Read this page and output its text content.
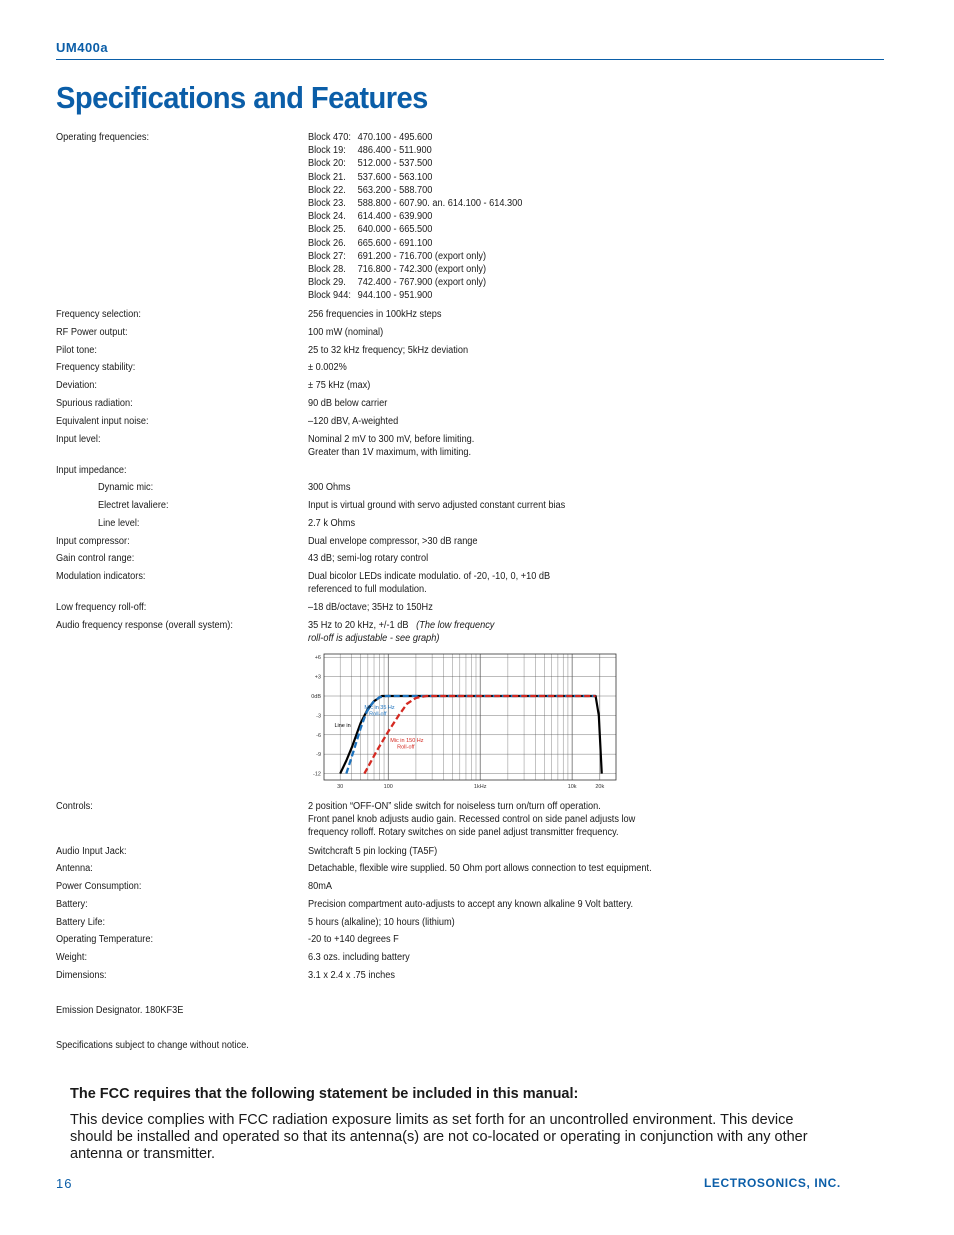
UM400a
Specifications and Features
Operating frequencies:	Block 470: 470.100 - 495.600
Block 19: 486.400 - 511.900
Block 20: 512.000 - 537.500
Block 21. 537.600 - 563.100
Block 22. 563.200 - 588.700
Block 23. 588.800 - 607.90. an. 614.100 - 614.300
Block 24. 614.400 - 639.900
Block 25. 640.000 - 665.500
Block 26. 665.600 - 691.100
Block 27: 691.200 - 716.700 (export only)
Block 28. 716.800 - 742.300 (export only)
Block 29. 742.400 - 767.900 (export only)
Block 944: 944.100 - 951.900
Frequency selection:	256 frequencies in 100kHz steps
RF Power output:	100 mW (nominal)
Pilot tone:	25 to 32 kHz frequency; 5kHz deviation
Frequency stability:	± 0.002%
Deviation:	± 75 kHz (max)
Spurious radiation:	90 dB below carrier
Equivalent input noise:	–120 dBV, A-weighted
Input level:	Nominal 2 mV to 300 mV, before limiting.
Greater than 1V maximum, with limiting.
Input impedance:
Dynamic mic:	300 Ohms
Electret lavaliere:	Input is virtual ground with servo adjusted constant current bias
Line level:	2.7 k Ohms
Input compressor:	Dual envelope compressor, >30 dB range
Gain control range:	43 dB; semi-log rotary control
Modulation indicators:	Dual bicolor LEDs indicate modulatio. of -20, -10, 0, +10 dB
referenced to full modulation.
Low frequency roll-off:	–18 dB/octave; 35Hz to 150Hz
Audio frequency response (overall system):	35 Hz to 20 kHz, +/-1 dB (The low frequency
roll-off is adjustable - see graph)
+6
+3
0dB
-3
-6
-9
-12
30	100	1kHz	10k	20k
Line in
Mic in 35 Hz
Roll-off
Mic in 150 Hz
Roll-off
Controls:	2 position “OFF-ON” slide switch for noiseless turn on/turn off operation.
Front panel knob adjusts audio gain. Recessed control on side panel adjusts low
frequency rolloff. Rotary switches on side panel adjust transmitter frequency.
Audio Input Jack:	Switchcraft 5 pin locking (TA5F)
Antenna:	Detachable, flexible wire supplied. 50 Ohm port allows connection to test equipment.
Power Consumption:	80mA
Battery:	Precision compartment auto-adjusts to accept any known alkaline 9 Volt battery.
Battery Life:	5 hours (alkaline); 10 hours (lithium)
Operating Temperature:	-20 to +140 degrees F
Weight:	6.3 ozs. including battery
Dimensions:	3.1 x 2.4 x .75 inches
Emission Designator. 180KF3E
Specifications subject to change without notice.
The FCC requires that the following statement be included in this manual:

This device complies with FCC radiation exposure limits as set forth for an uncontrolled environment. This device should be installed and operated so that its antenna(s) are not co-located or operating in conjunction with any other antenna or transmitter.

16	LECTROSONICS, INC.
